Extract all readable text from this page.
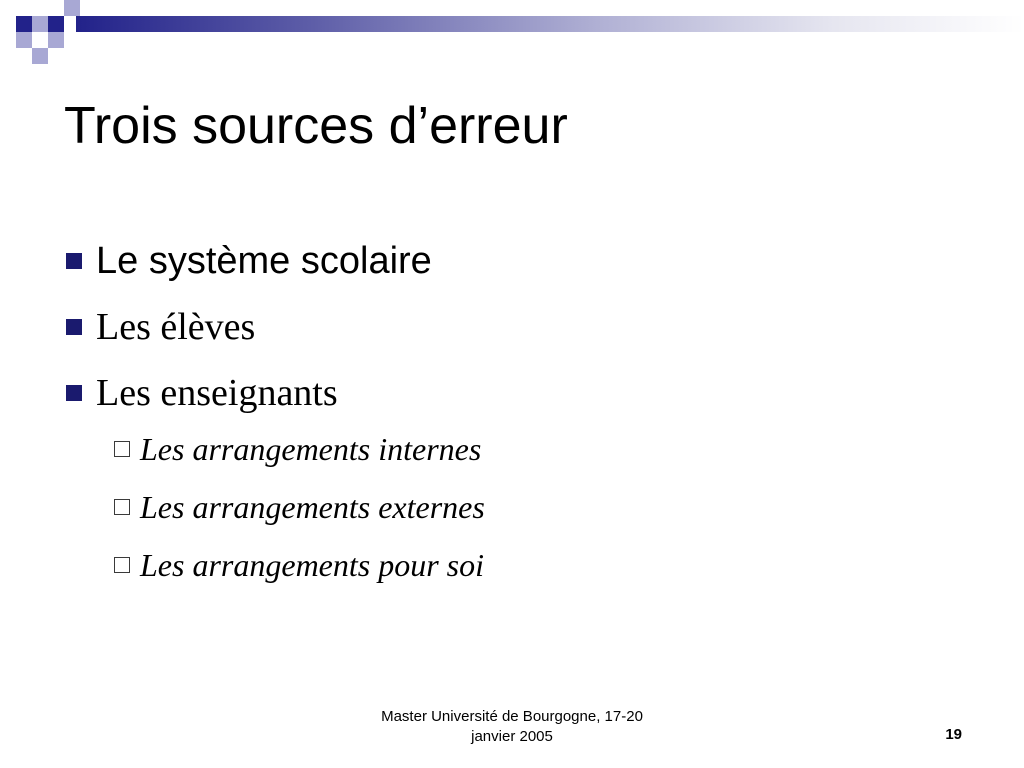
Trois sources d’erreur
Le système scolaire
Les élèves
Les enseignants
Les arrangements internes
Les arrangements externes
Les arrangements pour soi
Master Université de Bourgogne, 17-20
janvier 2005	19
